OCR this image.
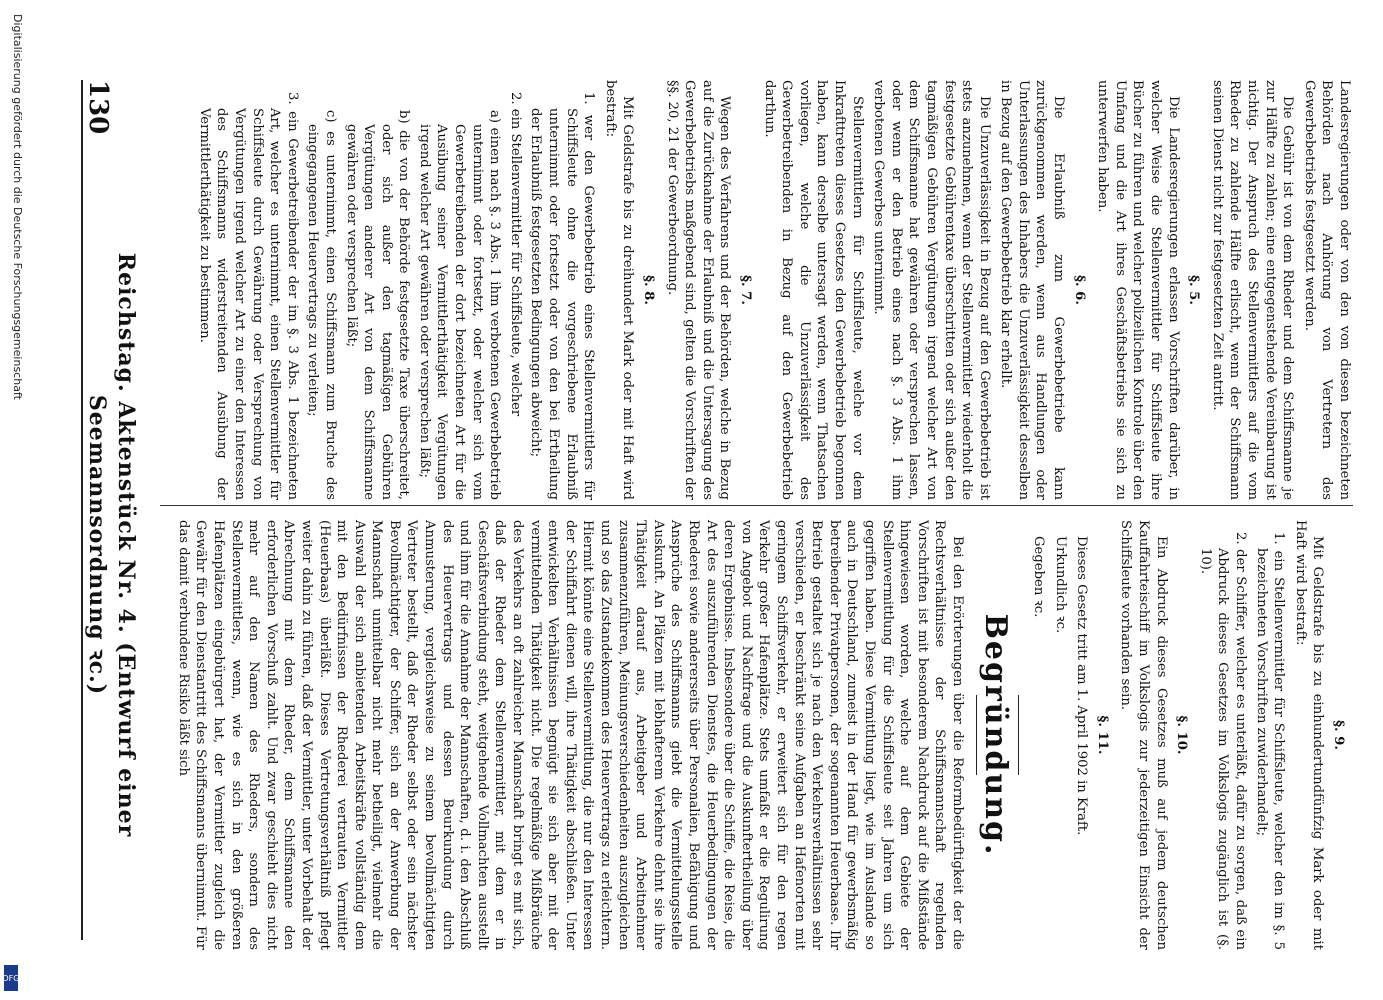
130
Reichstag. Aktenstück Nr. 4. (Entwurf einer Seemannsordnung ꝛc.)

Landesregierungen oder von den von diesen bezeichneten Behörden nach Anhörung von Vertretern des Gewerbebetriebs festgesetzt werden.

Die Gebühr ist von dem Rheder und dem Schiffsmanne je zur Hälfte zu zahlen; eine entgegenstehende Vereinbarung ist nichtig. Der Anspruch des Stellenvermittlers auf die vom Rheder zu zahlende Hälfte erlischt, wenn der Schiffsmann seinen Dienst nicht zur festgesetzten Zeit antritt.

§. 5.

Die Landesregierungen erlassen Vorschriften darüber, in welcher Weise die Stellenvermittler für Schiffsleute ihre Bücher zu führen und welcher polizeilichen Kontrole über den Umfang und die Art ihres Geschäftsbetriebs sie sich zu unterwerfen haben.

§. 6.

Die Erlaubniß zum Gewerbebetriebe kann zurückgenommen werden, wenn aus Handlungen oder Unterlassungen des Inhabers die Unzuverlässigkeit desselben in Bezug auf den Gewerbebetrieb klar erhellt.

Die Unzuverlässigkeit in Bezug auf den Gewerbebetrieb ist stets anzunehmen, wenn der Stellenvermittler wiederholt die festgesetzte Gebührentaxe überschritten oder sich außer den tagmäßigen Gebühren Vergütungen irgend welcher Art von dem Schiffsmanne hat gewähren oder versprechen lassen, oder wenn er den Betrieb eines nach §. 3 Abs. 1 ihm verbotenen Gewerbes unternimmt.

Stellenvermittlern für Schiffsleute, welche vor dem Inkrafttreten dieses Gesetzes den Gewerbebetrieb begonnen haben, kann derselbe untersagt werden, wenn Thatsachen vorliegen, welche die Unzuverlässigkeit des Gewerbetreibenden in Bezug auf den Gewerbebetrieb darthun.

§. 7.

Wegen des Verfahrens und der Behörden, welche in Bezug auf die Zurücknahme der Erlaubniß und die Untersagung des Gewerbebetriebs maßgebend sind, gelten die Vorschriften der §§. 20, 21 der Gewerbeordnung.

§. 8.

Mit Geldstrafe bis zu dreihundert Mark oder mit Haft wird bestraft:

1. wer den Gewerbebetrieb eines Stellenvermittlers für Schiffsleute ohne die vorgeschriebene Erlaubniß unternimmt oder fortsetzt oder von den bei Ertheilung der Erlaubniß festgesetzten Bedingungen abweicht;
2. ein Stellenvermittler für Schiffsleute, welcher
a) einen nach §. 3 Abs. 1 ihm verbotenen Gewerbebetrieb unternimmt oder fortsetzt, oder welcher sich vom Gewerbetreibenden der dort bezeichneten Art für die Ausübung seiner Vermittlerthätigkeit Vergütungen irgend welcher Art gewähren oder versprechen läßt;
b) die von der Behörde festgesetzte Taxe überschreitet, oder sich außer den tagmäßigen Gebühren Vergütungen anderer Art von dem Schiffsmanne gewähren oder versprechen läßt;
c) es unternimmt, einen Schiffsmann zum Bruche des eingegangenen Heuervertrags zu verleiten;
3. ein Gewerbetreibender der im §. 3 Abs. 1 bezeichneten Art, welcher es unternimmt, einen Stellenvermittler für Schiffsleute durch Gewährung oder Versprechung von Vergütungen irgend welcher Art zu einer den Interessen des Schiffsmanns widerstreitenden Ausübung der Vermittlerthätigkeit zu bestimmen.
§. 9.

Mit Geldstrafe bis zu einhundertundfünfzig Mark oder mit Haft wird bestraft:

1. ein Stellenvermittler für Schiffsleute, welcher den im §. 5 bezeichneten Vorschriften zuwiderhandelt;
2. der Schiffer, welcher es unterläßt, dafür zu sorgen, daß ein Abdruck dieses Gesetzes im Volkslogis zugänglich ist (§. 10).
§. 10.

Ein Abdruck dieses Gesetzes muß auf jedem deutschen Kauffahrteischiff im Volkslogis zur jederzeitigen Einsicht der Schiffsleute vorhanden sein.

§. 11.

Dieses Gesetz tritt am 1. April 1902 in Kraft.

Urkundlich ꝛc.

Gegeben ꝛc.

Begründung.

Bei den Erörterungen über die Reformbedürftigkeit der die Rechtsverhältnisse der Schiffsmannschaft regelnden Vorschriften ist mit besonderem Nachdruck auf die Mißstände hingewiesen worden, welche auf dem Gebiete der Stellenvermittlung für die Schiffsleute seit Jahren um sich gegriffen haben. Diese Vermittlung liegt, wie im Auslande so auch in Deutschland, zumeist in der Hand für gewerbsmäßig betreibender Privatpersonen, der sogenannten Heuerbaase. Ihr Betrieb gestaltet sich je nach den Verkehrsverhältnissen sehr verschieden, er beschränkt seine Aufgaben an Hafenorten mit geringem Schiffsverkehr, er erweitert sich für den regen Verkehr großer Hafenplätze. Stets umfaßt er die Regulirung von Angebot und Nachfrage und die Auskunftertheilung über deren Ergebnisse. Insbesondere über die Schiffe, die Reise, die Art des auszuführenden Dienstes, die Heuerbedingungen der Rhederei sowie andererseits über Personalien, Befähigung und Ansprüche des Schiffsmanns giebt die Vermittelungsstelle Auskunft. An Plätzen mit lebhafterem Verkehre dehnt sie ihre Thätigkeit darauf aus, Arbeitgeber und Arbeitnehmer zusammenzuführen, Meinungsverschiedenheiten auszugleichen und so das Zustandekommen des Heuervertrags zu erleichtern. Hiermit könnte eine Stellenvermittlung, die nur den Interessen der Schiffahrt dienen will, ihre Thätigkeit abschließen. Unter entwickelten Verhältnissen begnügt sie sich aber mit der vermittelnden Thätigkeit nicht. Die regelmäßige Mißbräuche des Verkehrs an oft zahlreicher Mannschaft bringt es mit sich, daß der Rheder dem Stellenvermittler, mit dem er in Geschäftsverbindung steht, weitgehende Vollmachten ausstellt und ihm für die Annahme der Mannschaften, d. i. den Abschluß des Heuervertrags und dessen Beurkundung durch Anmusterung, vergleichsweise zu seinem bevollmächtigten Vertreter bestellt, daß der Rheder selbst oder sein nächster Bevollmächtigter, der Schiffer, sich an der Anwerbung der Mannschaft unmittelbar nicht mehr betheiligt, vielmehr die Auswahl der sich anbietenden Arbeitskräfte vollständig dem mit den Bedürfnissen der Rhederei vertrauten Vermittler (Heuerbaas) überläßt. Dieses Vertretungsverhältniß pflegt weiter dahin zu führen, daß der Vermittler, unter Vorbehalt der Abrechnung mit dem Rheder, dem Schiffsmanne den erforderlichen Vorschuß zahlt. Und zwar geschieht dies nicht mehr auf den Namen des Rheders, sondern des Stellenvermittlers, wenn, wie es sich in den größeren Hafenplätzen eingebürgert hat, der Vermittler zugleich die Gewähr für den Dienstantritt des Schiffsmanns übernimmt. Für das damit verbundene Risiko läßt sich

Digitalisierung gefördert durch die Deutsche Forschungsgemeinschaft
DFG
